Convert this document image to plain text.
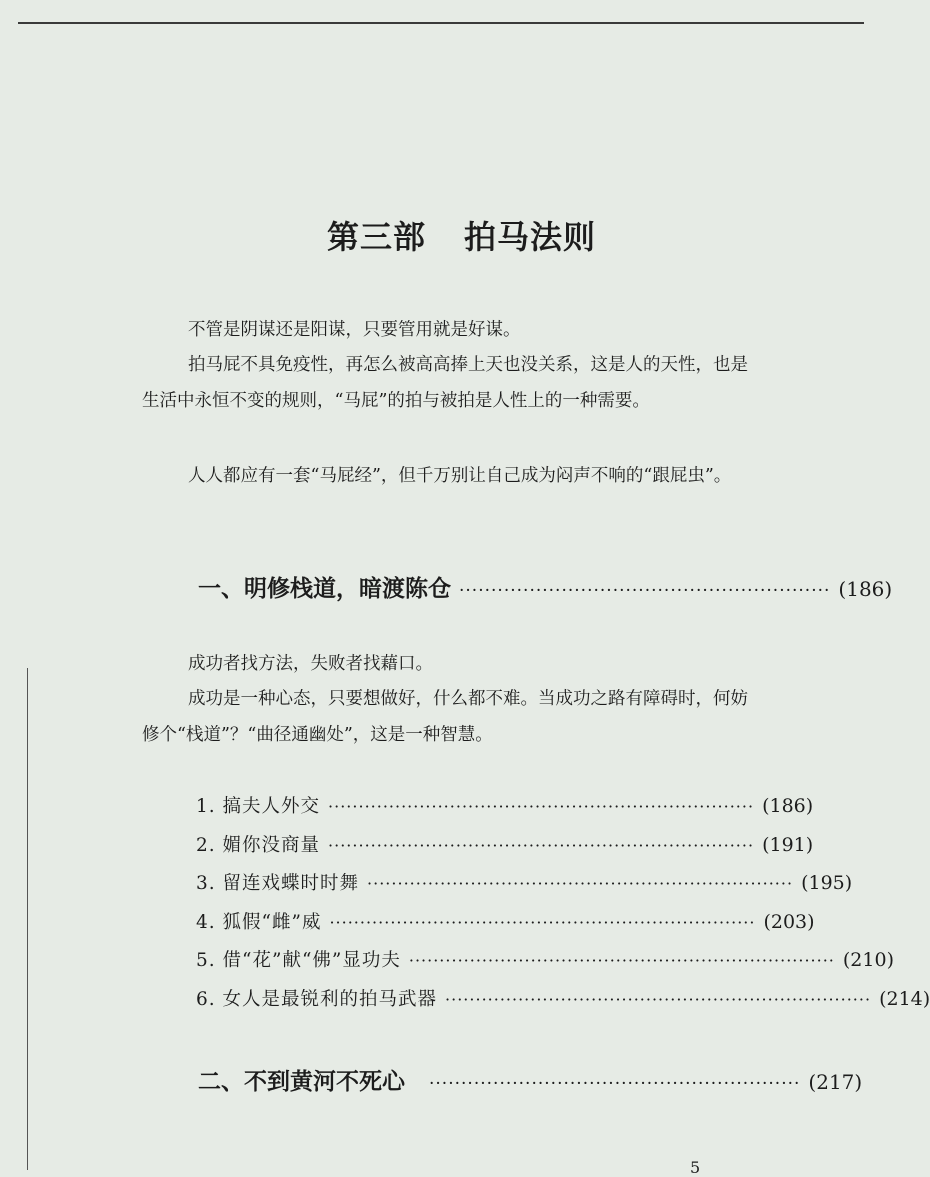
第三部 拍马法则

不管是阴谋还是阳谋，只要管用就是好谋。

拍马屁不具免疫性，再怎么被高高捧上天也没关系，这是人的天性，也是生活中永恒不变的规则，“马屁”的拍与被拍是人性上的一种需要。

人人都应有一套“马屁经”，但千万别让自己成为闷声不响的“跟屁虫”。

一、明修栈道，暗渡陈仓 ·························································· (186)

成功者找方法，失败者找藉口。

成功是一种心态，只要想做好，什么都不难。当成功之路有障碍时，何妨修个“栈道”？“曲径通幽处”，这是一种智慧。

1. 搞夫人外交 ······································································ (186)
2. 媚你没商量 ······································································ (191)
3. 留连戏蝶时时舞 ······································································ (195)
4. 狐假“雌”威 ······································································ (203)
5. 借“花”献“佛”显功夫 ······································································ (210)
6. 女人是最锐利的拍马武器 ······································································ (214)
二、不到黄河不死心 ·························································· (217)
5
